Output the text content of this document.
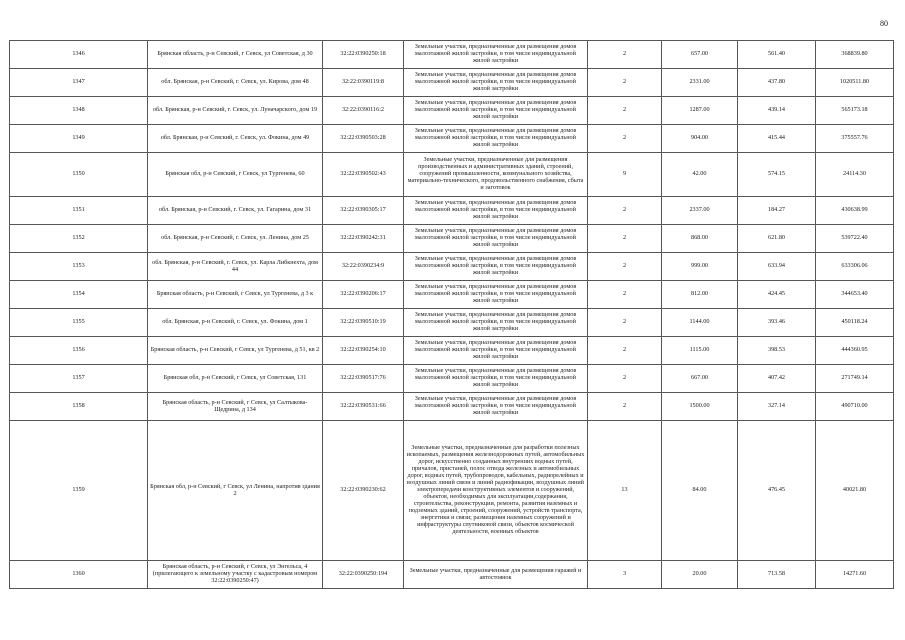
80
1346	Брянская область, р-н Севский, г Севск, ул Советская, д 30	32:22:0390250:18	Земельные участки, предназначенные для размещения домов малоэтажной жилой застройки, в том числе индивидуальной жилой застройки	2	657.00	561.40	368839.80
1347	обл. Брянская, р-н Севский, г. Севск, ул. Кирова, дом 48	32:22:0390119:8	Земельные участки, предназначенные для размещения домов малоэтажной жилой застройки, в том числе индивидуальной жилой застройки	2	2331.00	437.80	1020511.80
1348	обл. Брянская, р-н Севский, г. Севск, ул. Луначарского, дом 19	32:22:0390116:2	Земельные участки, предназначенные для размещения домов малоэтажной жилой застройки, в том числе индивидуальной жилой застройки	2	1287.00	439.14	565173.18
1349	обл. Брянская, р-н Севский, г. Севск, ул. Фокина, дом 49	32:22:0390503:28	Земельные участки, предназначенные для размещения домов малоэтажной жилой застройки, в том числе индивидуальной жилой застройки	2	904.00	415.44	375557.76
1350	Брянская обл, р-н Севский, г Севск, ул Тургенева, 60	32:22:0390502:43	Земельные участки, предназначенные для размещения производственных и административных зданий, строений, сооружений промышленности, коммунального хозяйства, материально-технического, продовольственного снабжения, сбыта и заготовок	9	42.00	574.15	24114.30
1351	обл. Брянская, р-н Севский, г. Севск, ул. Гагарина, дом 31	32:22:0390305:17	Земельные участки, предназначенные для размещения домов малоэтажной жилой застройки, в том числе индивидуальной жилой застройки	2	2337.00	184.27	430638.99
1352	обл. Брянская, р-н Севский, г. Севск, ул. Ленина, дом 25	32:22:0390242:31	Земельные участки, предназначенные для размещения домов малоэтажной жилой застройки, в том числе индивидуальной жилой застройки	2	868.00	621.80	539722.40
1353	обл. Брянская, р-н Севский, г. Севск, ул. Карла Либкнехта, дом 44	32:22:0390234:9	Земельные участки, предназначенные для размещения домов малоэтажной жилой застройки, в том числе индивидуальной жилой застройки	2	999.00	633.94	633306.06
1354	Брянская область, р-н Севский, г Севск, ул Тургенева, д 3 к	32:22:0390206:17	Земельные участки, предназначенные для размещения домов малоэтажной жилой застройки, в том числе индивидуальной жилой застройки	2	812.00	424.45	344653.40
1355	обл. Брянская, р-н Севский, г. Севск, ул. Фокина, дом 1	32:22:0390510:19	Земельные участки, предназначенные для размещения домов малоэтажной жилой застройки, в том числе индивидуальной жилой застройки	2	1144.00	393.46	450118.24
1356	Брянская область, р-н Севский, г Севск, ул Тургенева, д 51, кв 2	32:22:0390254:10	Земельные участки, предназначенные для размещения домов малоэтажной жилой застройки, в том числе индивидуальной жилой застройки	2	1115.00	398.53	444360.95
1357	Брянская обл, р-н Севский, г Севск, ул Советская, 131	32:22:0390517:76	Земельные участки, предназначенные для размещения домов малоэтажной жилой застройки, в том числе индивидуальной жилой застройки	2	667.00	407.42	271749.14
1358	Брянская область, р-н Севский, г Севск, ул Салтыкова-Щедрина, д 134	32:22:0390531:66	Земельные участки, предназначенные для размещения домов малоэтажной жилой застройки, в том числе индивидуальной жилой застройки	2	1500.00	327.14	490710.00
1359	Брянская обл, р-н Севский, г Севск, ул Ленина, напротив здания 2	32:22:0390230:62	Земельные участки, предназначенные для разработки полезных ископаемых, размещения железнодорожных путей, автомобильных дорог, искусственно созданных внутренних водных путей, причалов, пристаней, полос отвода железных и автомобильных дорог, водных путей, трубопроводов, кабельных, радиорелейных и воздушных линий связи и линий радиофикации, воздушных линий электропередачи конструктивных элементов и сооружений, объектов, необходимых для эксплуатации,содержания, строительства, реконструкции, ремонта, развития наземных и подземных зданий, строений, сооружений, устройств транспорта, энергетики и связи; размещения наземных сооружений и инфраструктуры спутниковой связи, объектов космической деятельности, военных объектов	13	84.00	476.45	40021.80
1360	Брянская область, р-н Севский, г Севск, ул Энгельса, 4 (прилегающего к земельному участку с кадастровым номером 32:22:0390250:47)	32:22:0390250:194	Земельные участки, предназначенные для размещения гаражей и автостоянок	3	20.00	713.58	14271.60
